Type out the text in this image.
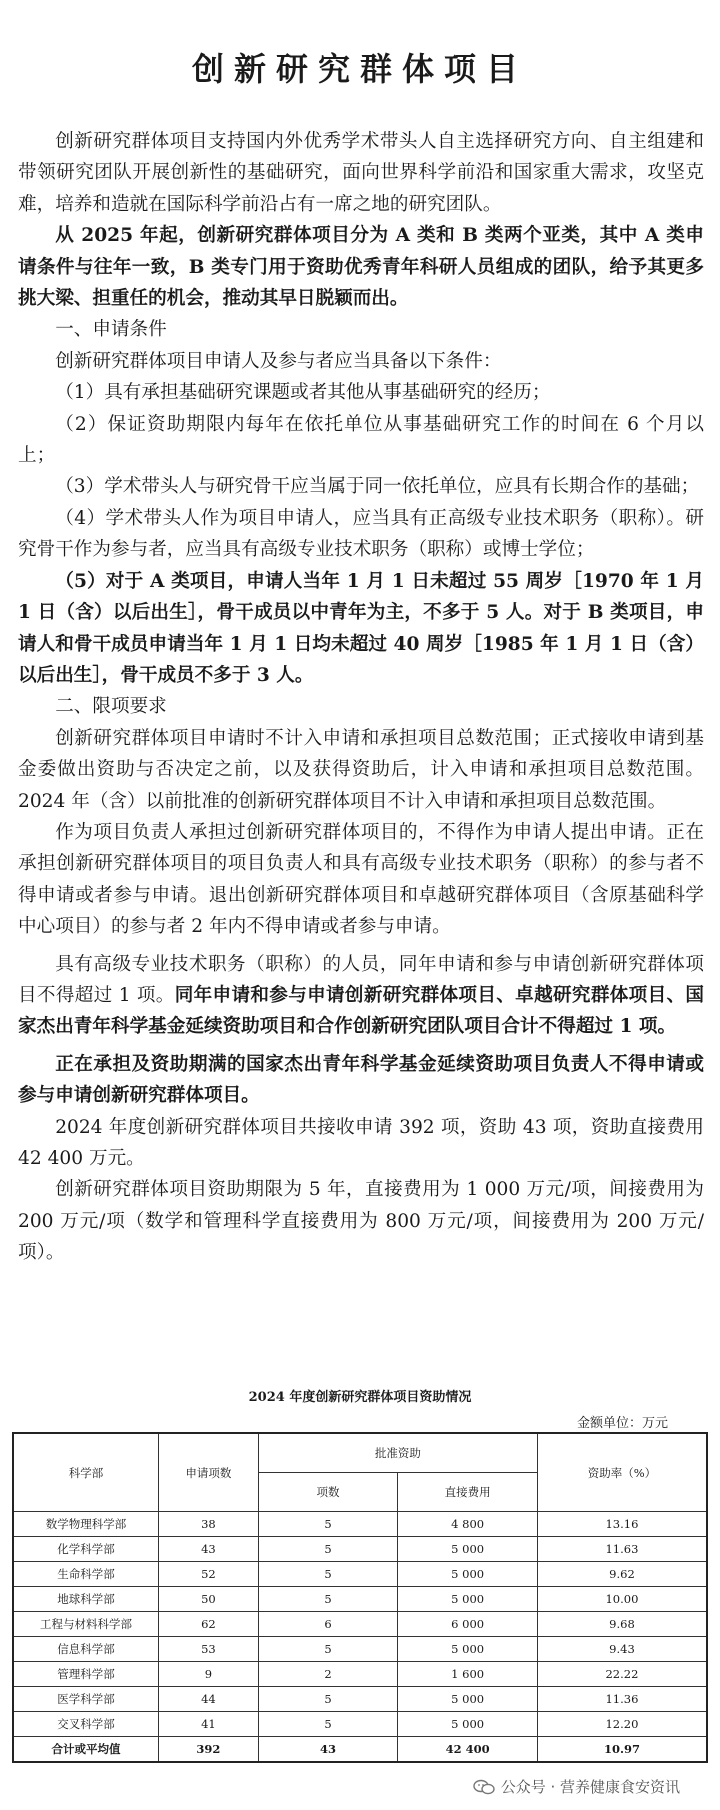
创新研究群体项目

创新研究群体项目支持国内外优秀学术带头人自主选择研究方向、自主组建和带领研究团队开展创新性的基础研究，面向世界科学前沿和国家重大需求，攻坚克难，培养和造就在国际科学前沿占有一席之地的研究团队。

从 2025 年起，创新研究群体项目分为 A 类和 B 类两个亚类，其中 A 类申请条件与往年一致，B 类专门用于资助优秀青年科研人员组成的团队，给予其更多挑大梁、担重任的机会，推动其早日脱颖而出。

一、申请条件

创新研究群体项目申请人及参与者应当具备以下条件：

（1）具有承担基础研究课题或者其他从事基础研究的经历；

（2）保证资助期限内每年在依托单位从事基础研究工作的时间在 6 个月以上；

（3）学术带头人与研究骨干应当属于同一依托单位，应具有长期合作的基础；

（4）学术带头人作为项目申请人，应当具有正高级专业技术职务（职称）。研究骨干作为参与者，应当具有高级专业技术职务（职称）或博士学位；

（5）对于 A 类项目，申请人当年 1 月 1 日未超过 55 周岁［1970 年 1 月 1 日（含）以后出生］，骨干成员以中青年为主，不多于 5 人。对于 B 类项目，申请人和骨干成员申请当年 1 月 1 日均未超过 40 周岁［1985 年 1 月 1 日（含）以后出生］，骨干成员不多于 3 人。

二、限项要求

创新研究群体项目申请时不计入申请和承担项目总数范围；正式接收申请到基金委做出资助与否决定之前，以及获得资助后，计入申请和承担项目总数范围。2024 年（含）以前批准的创新研究群体项目不计入申请和承担项目总数范围。

作为项目负责人承担过创新研究群体项目的，不得作为申请人提出申请。正在承担创新研究群体项目的项目负责人和具有高级专业技术职务（职称）的参与者不得申请或者参与申请。退出创新研究群体项目和卓越研究群体项目（含原基础科学中心项目）的参与者 2 年内不得申请或者参与申请。

具有高级专业技术职务（职称）的人员，同年申请和参与申请创新研究群体项目不得超过 1 项。同年申请和参与申请创新研究群体项目、卓越研究群体项目、国家杰出青年科学基金延续资助项目和合作创新研究团队项目合计不得超过 1 项。

正在承担及资助期满的国家杰出青年科学基金延续资助项目负责人不得申请或参与申请创新研究群体项目。

2024 年度创新研究群体项目共接收申请 392 项，资助 43 项，资助直接费用 42 400 万元。

创新研究群体项目资助期限为 5 年，直接费用为 1 000 万元/项，间接费用为 200 万元/项（数学和管理科学直接费用为 800 万元/项，间接费用为 200 万元/项）。

2024 年度创新研究群体项目资助情况
金额单位：万元
科学部	申请项数	批准资助		资助率（%）
		项数	直接费用	
数学物理科学部	38	5	4 800	13.16
化学科学部	43	5	5 000	11.63
生命科学部	52	5	5 000	9.62
地球科学部	50	5	5 000	10.00
工程与材料科学部	62	6	6 000	9.68
信息科学部	53	5	5 000	9.43
管理科学部	9	2	1 600	22.22
医学科学部	44	5	5 000	11.36
交叉科学部	41	5	5 000	12.20
合计或平均值	392	43	42 400	10.97
公众号 · 营养健康食安资讯
